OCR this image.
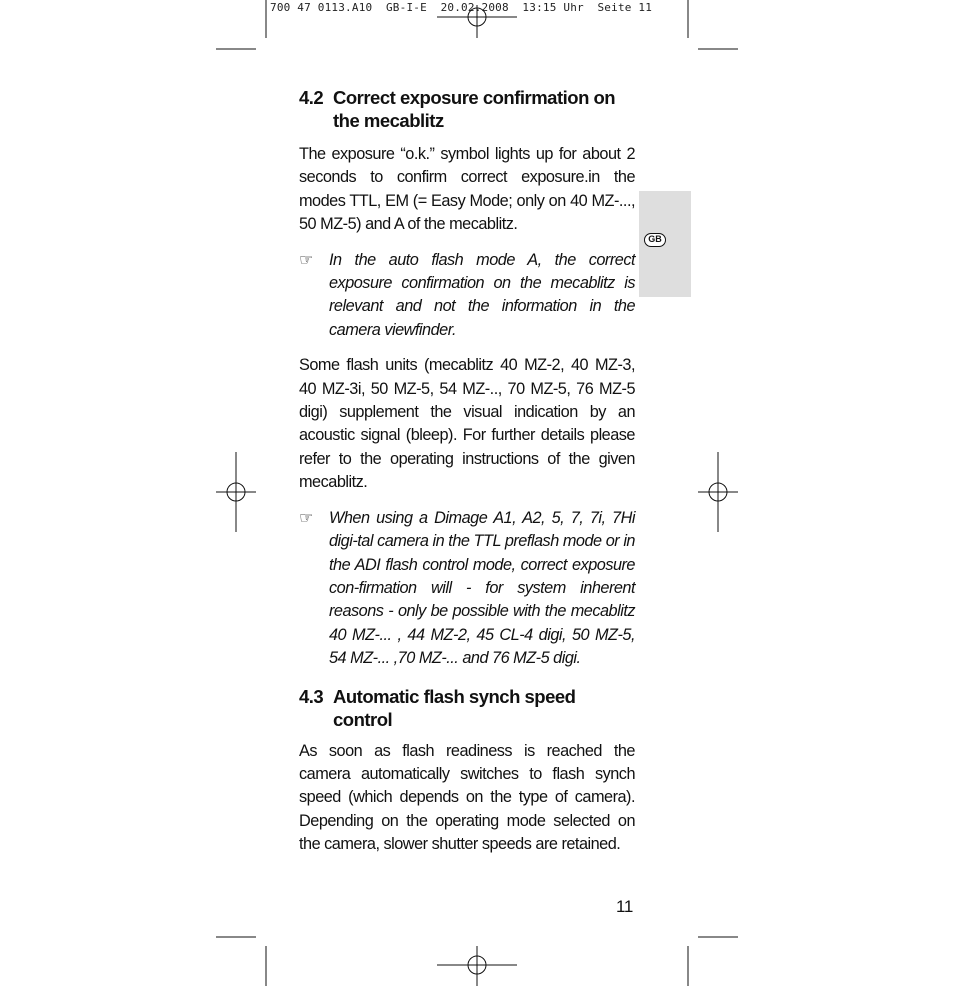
700 47 0113.A10  GB-I-E  20.02.2008  13:15 Uhr  Seite 11
GB
4.2 Correct exposure confirmation on the mecablitz

The exposure “o.k.” symbol lights up for about 2 seconds to confirm correct exposure.in the modes TTL, EM (= Easy Mode; only on 40 MZ-..., 50 MZ-5) and A of the mecablitz.

☞ In the auto flash mode A, the correct exposure confirmation on the mecablitz is relevant and not the information in the camera viewfinder.

Some flash units (mecablitz 40 MZ-2, 40 MZ-3, 40 MZ-3i, 50 MZ-5, 54 MZ-.., 70 MZ-5, 76 MZ-5 digi) supplement the visual indication by an acoustic signal (bleep). For further details please refer to the operating instructions of the given mecablitz.

☞ When using a Dimage A1, A2, 5, 7, 7i, 7Hi digi-tal camera in the TTL preflash mode or in the ADI flash control mode, correct exposure con-firmation will - for system inherent reasons - only be possible with the mecablitz 40 MZ-... , 44 MZ-2, 45 CL-4 digi, 50 MZ-5, 54 MZ-... ,70 MZ-... and 76 MZ-5 digi.
4.3 Automatic flash synch speed control

As soon as flash readiness is reached the camera automatically switches to flash synch speed (which depends on the type of camera). Depending on the operating mode selected on the camera, slower shutter speeds are retained.

11
